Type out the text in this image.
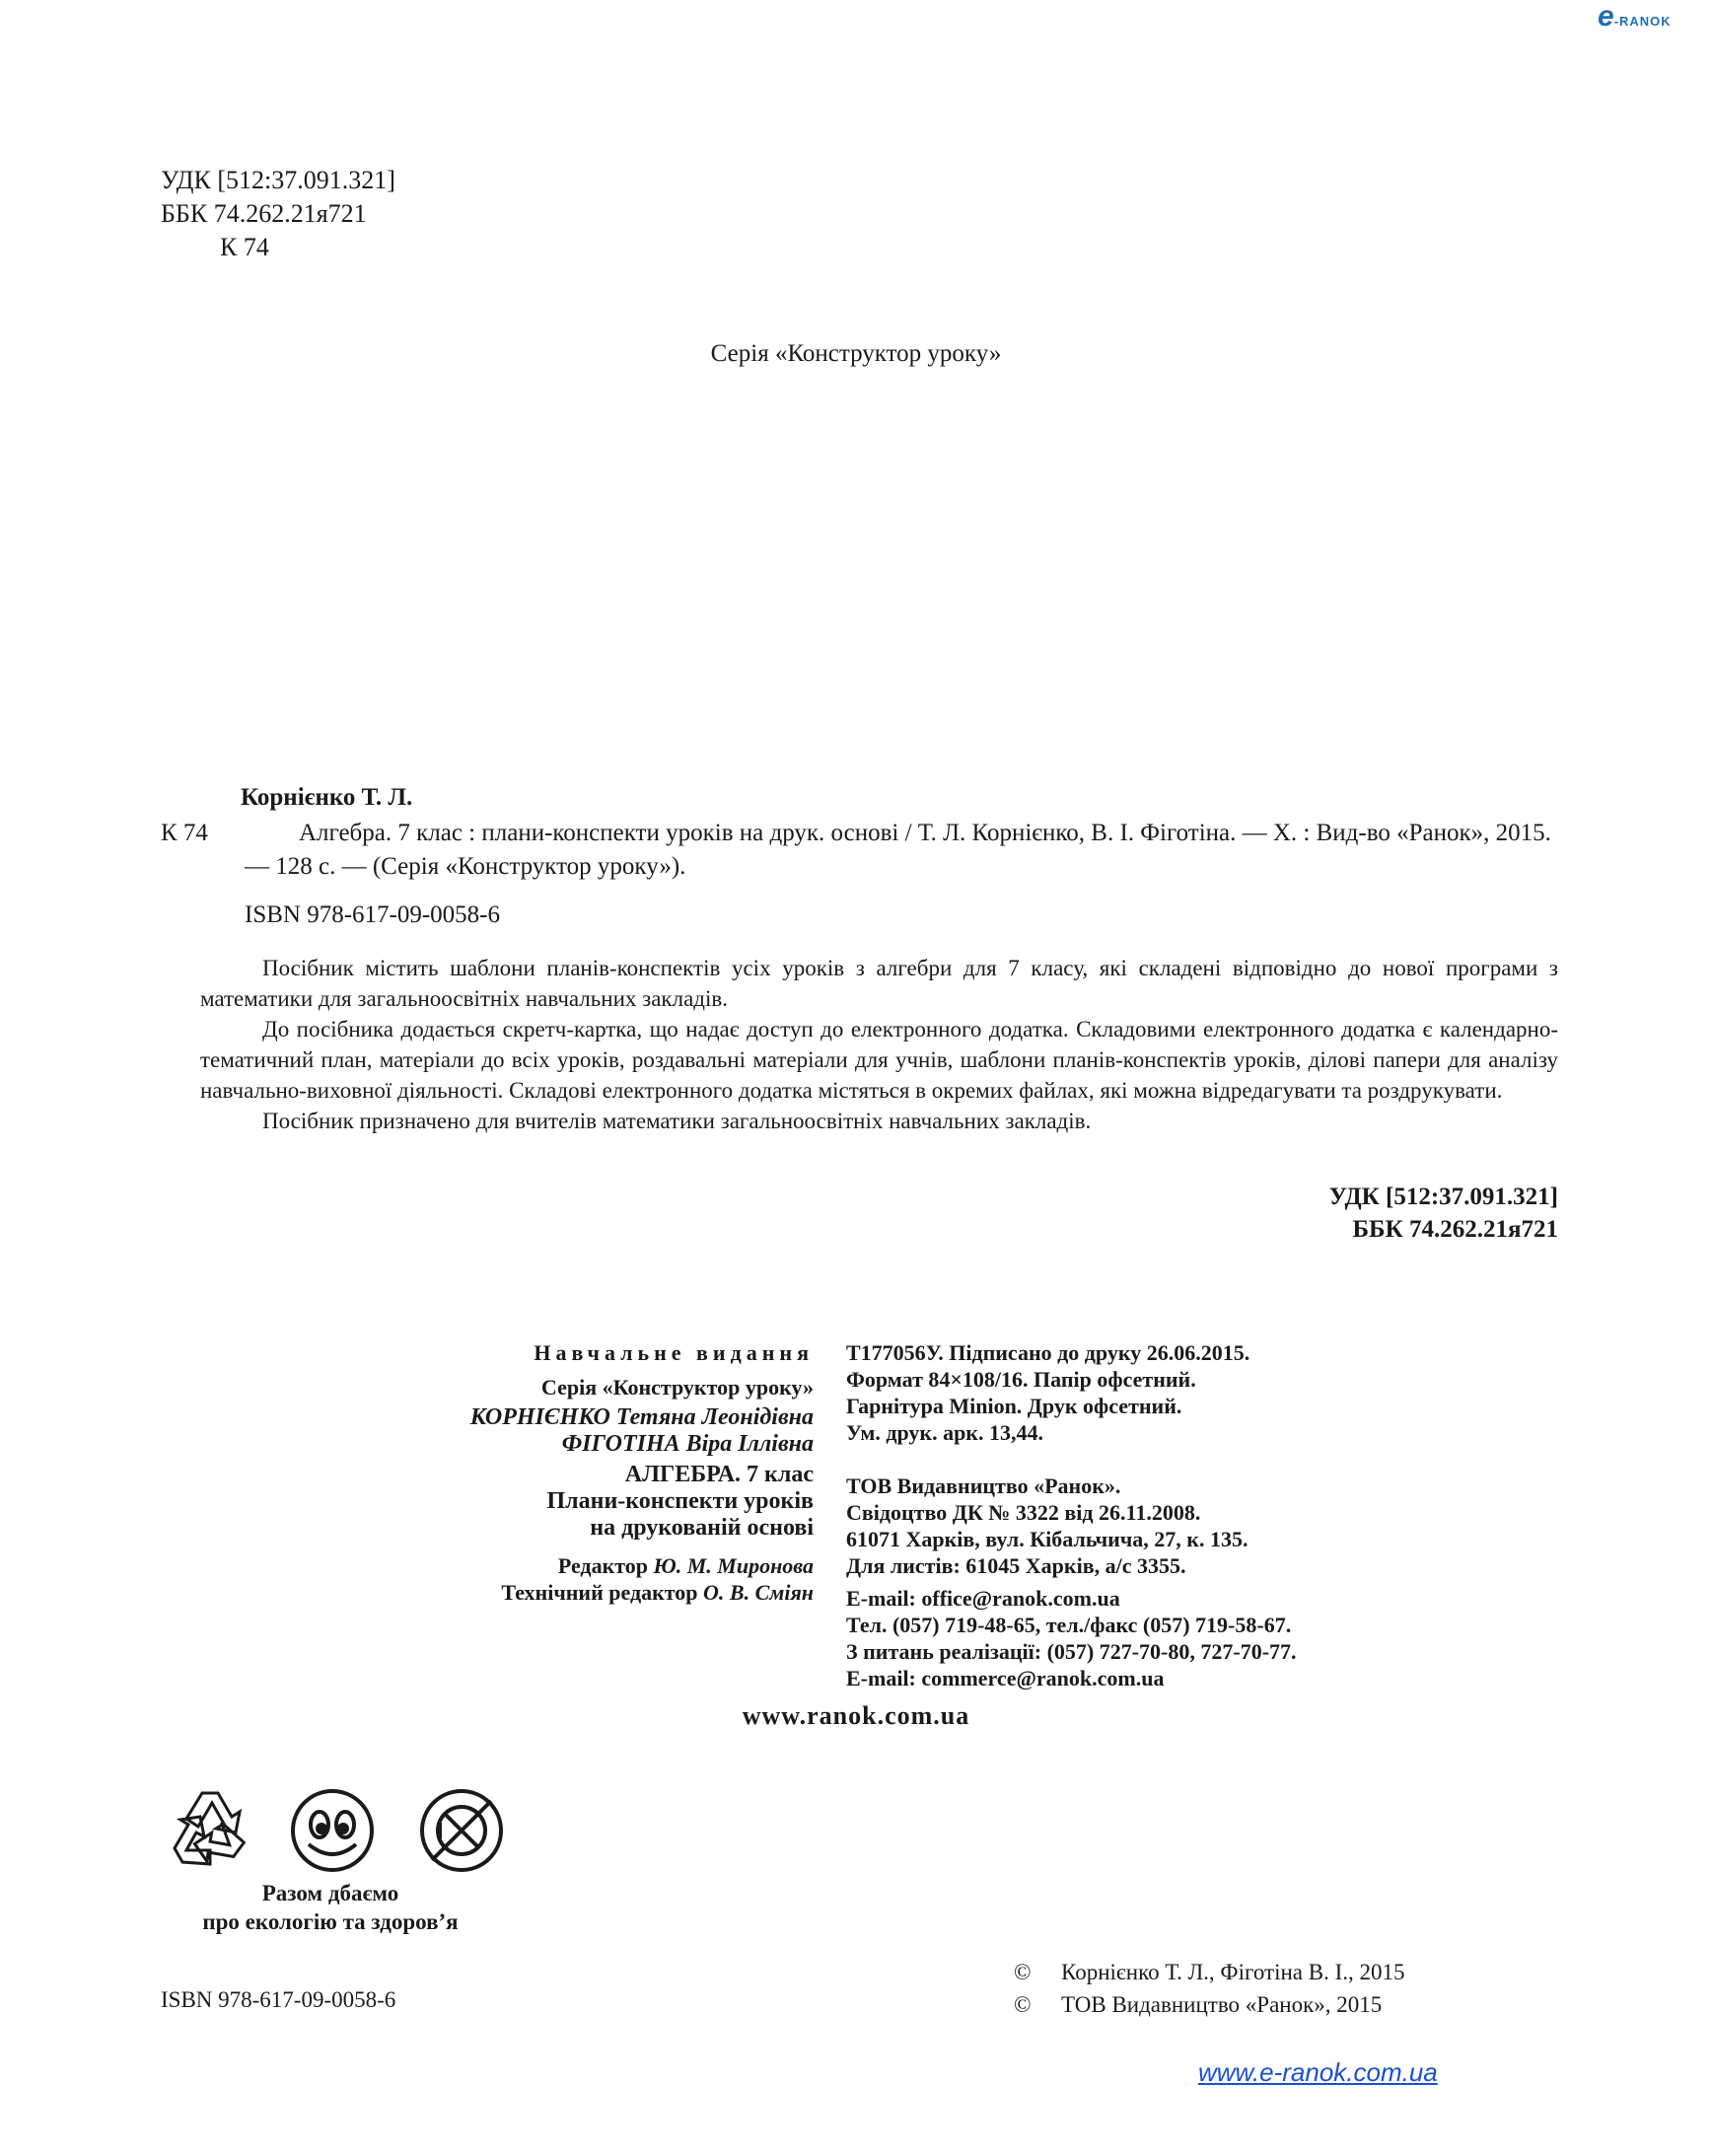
e-RANOK
УДК [512:37.091.321]
ББК 74.262.21я721
К 74
Серія «Конструктор уроку»
Корнієнко Т. Л.
К 74	Алгебра. 7 клас : плани-конспекти уроків на друк. основі / Т. Л. Корнієнко, В. І. Фіготіна. — Х. : Вид-во «Ранок», 2015. — 128 с. — (Серія «Конструктор уроку»).
ISBN 978-617-09-0058-6

Посібник містить шаблони планів-конспектів усіх уроків з алгебри для 7 класу, які складені відповідно до нової програми з математики для загальноосвітніх навчальних закладів.

До посібника додається скретч-картка, що надає доступ до електронного додатка. Складовими електронного додатка є календарно-тематичний план, матеріали до всіх уроків, роздавальні матеріали для учнів, шаблони планів-конспектів уроків, ділові папери для аналізу навчально-виховної діяльності. Складові електронного додатка містяться в окремих файлах, які можна відредагувати та роздрукувати.

Посібник призначено для вчителів математики загальноосвітніх навчальних закладів.

УДК [512:37.091.321]
ББК 74.262.21я721
Навчальне видання
Серія «Конструктор уроку»
КОРНІЄНКО Тетяна Леонідівна
ФІГОТІНА Віра Іллівна
АЛГЕБРА. 7 клас
Плани-конспекти уроків
на друкованій основі
Редактор Ю. М. Миронова
Технічний редактор О. В. Сміян
Т177056У. Підписано до друку 26.06.2015.
Формат 84×108/16. Папір офсетний.
Гарнітура Minion. Друк офсетний.
Ум. друк. арк. 13,44.
ТОВ Видавництво «Ранок».
Свідоцтво ДК № 3322 від 26.11.2008.
61071 Харків, вул. Кібальчича, 27, к. 135.
Для листів: 61045 Харків, а/с 3355.
E-mail: office@ranok.com.ua
Тел. (057) 719-48-65, тел./факс (057) 719-58-67.
З питань реалізації: (057) 727-70-80, 727-70-77.
E-mail: commerce@ranok.com.ua
www.ranok.com.ua
Разом дбаємо
про екологію та здоров’я
ISBN 978-617-09-0058-6
© Корнієнко Т. Л., Фіготіна В. І., 2015
© ТОВ Видавництво «Ранок», 2015
www.e-ranok.com.ua
